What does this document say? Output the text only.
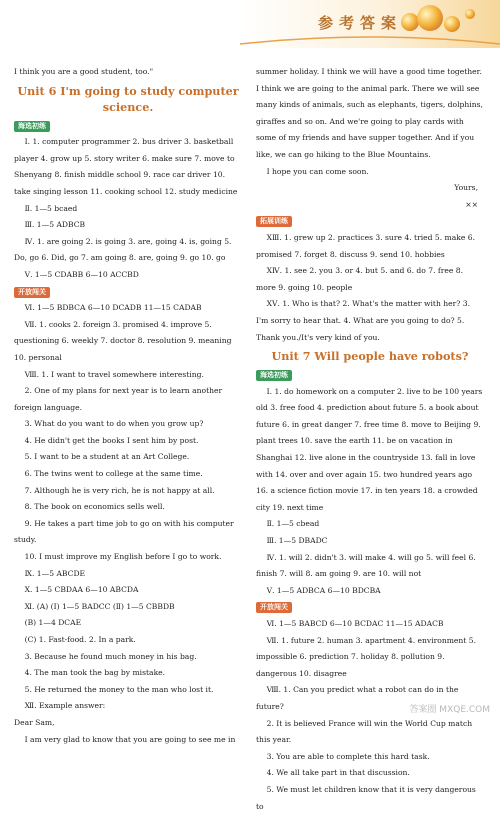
参考答案

I think you are a good student, too."

Unit 6 I'm going to study computer science.
海选初练

Ⅰ. 1. computer programmer 2. bus driver 3. basketball player 4. grow up 5. story writer 6. make sure 7. move to Shenyang 8. finish middle school 9. race car driver 10. take singing lesson 11. cooking school 12. study medicine

Ⅱ. 1—5 bcaed

Ⅲ. 1—5 ADBCB

Ⅳ. 1. are going 2. is going 3. are, going 4. is, going 5. Do, go 6. Did, go 7. am going 8. are, going 9. go 10. go

Ⅴ. 1—5 CDABB 6—10 ACCBD

开放闯关

Ⅵ. 1—5 BDBCA 6—10 DCADB 11—15 CADAB

Ⅶ. 1. cooks 2. foreign 3. promised 4. improve 5. questioning 6. weekly 7. doctor 8. resolution 9. meaning 10. personal

Ⅷ. 1. I want to travel somewhere interesting.

2. One of my plans for next year is to learn another foreign language.

3. What do you want to do when you grow up?

4. He didn't get the books I sent him by post.

5. I want to be a student at an Art College.

6. The twins went to college at the same time.

7. Although he is very rich, he is not happy at all.

8. The book on economics sells well.

9. He takes a part time job to go on with his computer study.

10. I must improve my English before I go to work.

Ⅸ. 1—5 ABCDE

Ⅹ. 1—5 CBDAA 6—10 ABCDA

Ⅺ. (A) (Ⅰ) 1—5 BADCC (Ⅱ) 1—5 CBBDB

(B) 1—4 DCAE

(C) 1. Fast-food. 2. In a park.

3. Because he found much money in his bag.

4. The man took the bag by mistake.

5. He returned the money to the man who lost it.

Ⅻ. Example answer:

Dear Sam,

I am very glad to know that you are going to see me in

summer holiday. I think we will have a good time together. I think we are going to the animal park. There we will see many kinds of animals, such as elephants, tigers, dolphins, giraffes and so on. And we're going to play cards with some of my friends and have supper together. And if you like, we can go hiking to the Blue Mountains.

I hope you can come soon.

Yours,

××

拓展训练

ⅩⅢ. 1. grew up 2. practices 3. sure 4. tried 5. make 6. promised 7. forget 8. discuss 9. send 10. hobbies

ⅩⅣ. 1. see 2. you 3. or 4. but 5. and 6. do 7. free 8. more 9. going 10. people

ⅩⅤ. 1. Who is that? 2. What's the matter with her? 3. I'm sorry to hear that. 4. What are you going to do? 5. Thank you./It's very kind of you.

Unit 7 Will people have robots?
海选初练

Ⅰ. 1. do homework on a computer 2. live to be 100 years old 3. free food 4. prediction about future 5. a book about future 6. in great danger 7. free time 8. move to Beijing 9. plant trees 10. save the earth 11. be on vacation in Shanghai 12. live alone in the countryside 13. fall in love with 14. over and over again 15. two hundred years ago 16. a science fiction movie 17. in ten years 18. a crowded city 19. next time

Ⅱ. 1—5 cbead

Ⅲ. 1—5 DBADC

Ⅳ. 1. will 2. didn't 3. will make 4. will go 5. will feel 6. finish 7. will 8. am going 9. are 10. will not

Ⅴ. 1—5 ADBCA 6—10 BDCBA

开放闯关

Ⅵ. 1—5 BABCD 6—10 BCDAC 11—15 ADACB

Ⅶ. 1. future 2. human 3. apartment 4. environment 5. impossible 6. prediction 7. holiday 8. pollution 9. dangerous 10. disagree

Ⅷ. 1. Can you predict what a robot can do in the future?

2. It is believed France will win the World Cup match this year.

3. You are able to complete this hard task.

4. We all take part in that discussion.

5. We must let children know that it is very dangerous to

答案圈 MXQE.COM
